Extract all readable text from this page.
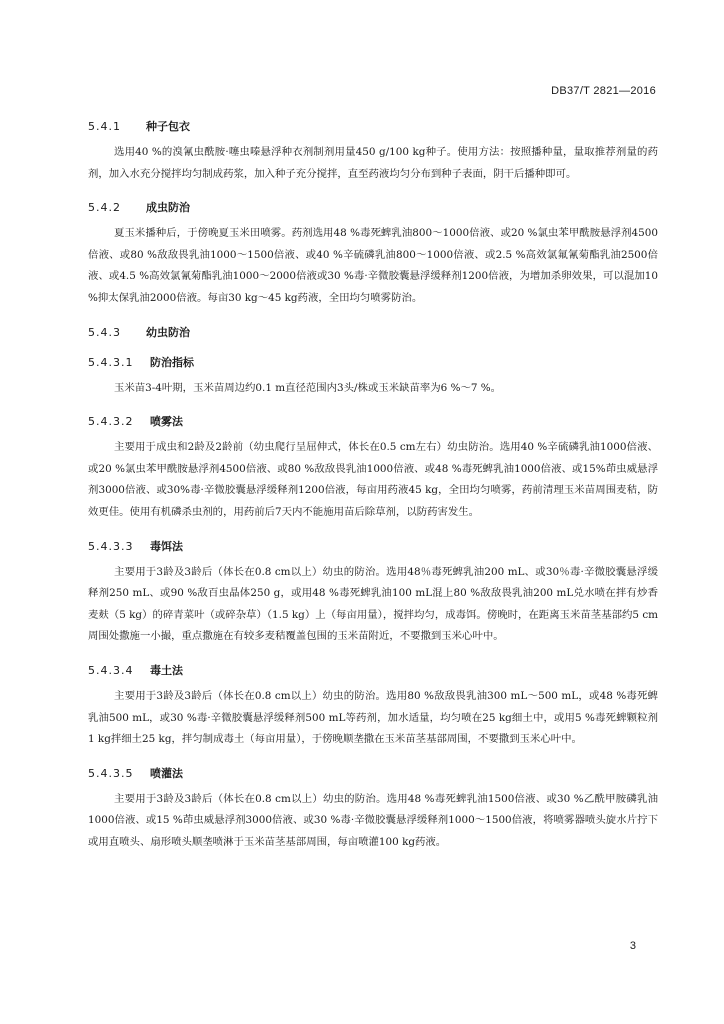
DB37/T 2821—2016
5.4.1 种子包衣

选用40 %的溴氰虫酰胺·噻虫嗪悬浮种衣剂制剂用量450 g/100 kg种子。使用方法：按照播种量，量取推荐剂量的药剂，加入水充分搅拌均匀制成药浆，加入种子充分搅拌，直至药液均匀分布到种子表面，阴干后播种即可。

5.4.2 成虫防治

夏玉米播种后，于傍晚夏玉米田喷雾。药剂选用48 %毒死蜱乳油800～1000倍液、或20 %氯虫苯甲酰胺悬浮剂4500倍液、或80 %敌敌畏乳油1000～1500倍液、或40 %辛硫磷乳油800～1000倍液、或2.5 %高效氯氟氰菊酯乳油2500倍液、或4.5 %高效氯氰菊酯乳油1000～2000倍液或30 %毒·辛微胶囊悬浮缓释剂1200倍液，为增加杀卵效果，可以混加10 %抑太保乳油2000倍液。每亩30 kg～45 kg药液，全田均匀喷雾防治。

5.4.3 幼虫防治
5.4.3.1 防治指标

玉米苗3-4叶期，玉米苗周边约0.1 m直径范围内3头/株或玉米缺苗率为6 %～7 %。

5.4.3.2 喷雾法

主要用于成虫和2龄及2龄前（幼虫爬行呈屈伸式，体长在0.5 cm左右）幼虫防治。选用40 %辛硫磷乳油1000倍液、或20 %氯虫苯甲酰胺悬浮剂4500倍液、或80 %敌敌畏乳油1000倍液、或48 %毒死蜱乳油1000倍液、或15%茚虫威悬浮剂3000倍液、或30%毒·辛微胶囊悬浮缓释剂1200倍液，每亩用药液45 kg，全田均匀喷雾，药前清理玉米苗周围麦秸，防效更佳。使用有机磷杀虫剂的，用药前后7天内不能施用苗后除草剂，以防药害发生。

5.4.3.3 毒饵法

主要用于3龄及3龄后（体长在0.8 cm以上）幼虫的防治。选用48％毒死蜱乳油200 mL、或30％毒·辛微胶囊悬浮缓释剂250 mL、或90 %敌百虫晶体250 g，或用48 %毒死蜱乳油100 mL混上80 %敌敌畏乳油200 mL兑水喷在拌有炒香麦麸（5 kg）的碎青菜叶（或碎杂草）（1.5 kg）上（每亩用量），搅拌均匀，成毒饵。傍晚时，在距离玉米苗茎基部约5 cm周围处撒施一小撮，重点撒施在有较多麦秸覆盖包围的玉米苗附近，不要撒到玉米心叶中。

5.4.3.4 毒土法

主要用于3龄及3龄后（体长在0.8 cm以上）幼虫的防治。选用80 %敌敌畏乳油300 mL～500 mL，或48 %毒死蜱乳油500 mL，或30 %毒·辛微胶囊悬浮缓释剂500 mL等药剂，加水适量，均匀喷在25 kg细土中，或用5 %毒死蜱颗粒剂1 kg拌细土25 kg，拌匀制成毒土（每亩用量），于傍晚顺垄撒在玉米苗茎基部周围，不要撒到玉米心叶中。

5.4.3.5 喷灌法

主要用于3龄及3龄后（体长在0.8 cm以上）幼虫的防治。选用48 %毒死蜱乳油1500倍液、或30 %乙酰甲胺磷乳油1000倍液、或15 %茚虫威悬浮剂3000倍液、或30 %毒·辛微胶囊悬浮缓释剂1000～1500倍液，将喷雾器喷头旋水片拧下或用直喷头、扇形喷头顺垄喷淋于玉米苗茎基部周围，每亩喷灌100 kg药液。

3
